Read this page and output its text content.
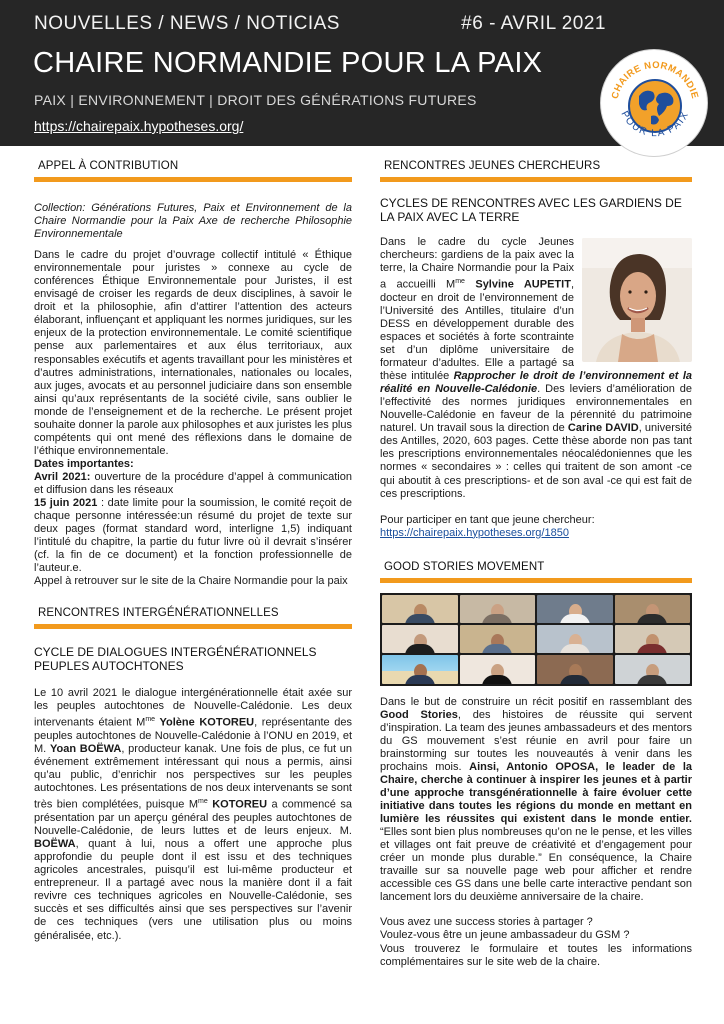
NOUVELLES / NEWS / NOTICIAS	#6 - AVRIL 2021
CHAIRE NORMANDIE POUR LA PAIX
PAIX | ENVIRONNEMENT | DROIT DES GÉNÉRATIONS FUTURES
https://chairepaix.hypotheses.org/
CHAIRE NORMANDIE
POUR LA PAIX
APPEL À CONTRIBUTION

Collection: Générations Futures, Paix et Environnement de la Chaire Normandie pour la Paix Axe de recherche Philosophie Environnementale

Dans le cadre du projet d’ouvrage collectif intitulé « Éthique environnementale pour juristes » connexe au cycle de conférences Éthique Environnementale pour Juristes, il est envisagé de croiser les regards de deux disciplines, à savoir le droit et la philosophie, afin d’attirer l’attention des acteurs élaborant, influençant et appliquant les normes juridiques, sur les enjeux de la protection environnementale. Le comité scientifique pense aux parlementaires et aux élus territoriaux, aux responsables exécutifs et agents travaillant pour les ministères et d’autres administrations, internationales, nationales ou locales, aux juges, avocats et au personnel judiciaire dans son ensemble ainsi qu’aux représentants de la société civile, sans oublier le monde de l’enseignement et de la recherche. Le présent projet souhaite donner la parole aux philosophes et aux juristes les plus compétents qui ont mené des réflexions dans le domaine de l’éthique environnementale.

Dates importantes:

Avril 2021: ouverture de la procédure d’appel à communication et diffusion dans les réseaux

15 juin 2021 : date limite pour la soumission, le comité reçoit de chaque personne intéressée:un résumé du projet de texte sur deux pages (format standard word, interligne 1,5) indiquant l’intitulé du chapitre, la partie du futur livre où il devrait s’insérer (cf. la fin de ce document) et la fonction professionnelle de l’auteur.e.

Appel à retrouver sur le site de la Chaire Normandie pour la paix

RENCONTRES INTERGÉNÉRATIONNELLES
CYCLE DE DIALOGUES INTERGÉNÉRATIONNELS PEUPLES AUTOCHTONES

Le 10 avril 2021 le dialogue intergénérationnelle était axée sur les peuples autochtones de Nouvelle-Calédonie. Les deux intervenants étaient $M^{me}$ Yolène KOTOREU, représentante des peuples autochtones de Nouvelle-Calédonie à l’ONU en 2019, et M. Yoan BOËWA, producteur kanak. Une fois de plus, ce fut un événement extrêmement intéressant qui nous a permis, ainsi qu’au public, d’enrichir nos perspectives sur les peuples autochtones. Les présentations de nos deux intervenants se sont très bien complétées, puisque $M^{me}$ KOTOREU a commencé sa présentation par un aperçu général des peuples autochtones de Nouvelle-Calédonie, de leurs luttes et de leurs enjeux. M. BOËWA, quant à lui, nous a offert une approche plus approfondie du peuple dont il est issu et des techniques agricoles ancestrales, puisqu’il est lui-même producteur et entrepreneur. Il a partagé avec nous la manière dont il a fait revivre ces techniques agricoles en Nouvelle-Calédonie, ses succès et ses difficultés ainsi que ses perspectives sur l’avenir de ces techniques (vers une utilisation plus ou moins généralisée, etc.).

RENCONTRES JEUNES CHERCHEURS
CYCLES DE RENCONTRES AVEC LES GARDIENS DE LA PAIX AVEC LA TERRE

Dans le cadre du cycle Jeunes chercheurs: gardiens de la paix avec la terre, la Chaire Normandie pour la Paix a accueilli $M^{me}$ Sylvine AUPETIT, docteur en droit de l’environnement de l’Université des Antilles, titulaire d’un DESS en développement durable des espaces et sociétés à forte scontrainte set d’un diplôme universitaire de formateur d’adultes. Elle a partagé sa thèse intitulée Rapprocher le droit de l’environnement et la réalité en Nouvelle-Calédonie. Des leviers d’amélioration de l’effectivité des normes juridiques environnementales en Nouvelle-Calédonie en faveur de la pérennité du patrimoine naturel. Un travail sous la direction de Carine DAVID, université des Antilles, 2020, 603 pages. Cette thèse aborde non pas tant les prescriptions environnementales néocalédoniennes que les normes « secondaires » : celles qui traitent de son amont -ce qui aboutit à ces prescriptions- et de son aval -ce qui est fait de ces prescriptions.

Pour participer en tant que jeune chercheur:

https://chairepaix.hypotheses.org/1850

GOOD STORIES MOVEMENT

Dans le but de construire un récit positif en rassemblant des Good Stories, des histoires de réussite qui servent d’inspiration. La team des jeunes ambassadeurs et des mentors du GS mouvement s’est réunie en avril pour faire un brainstorming sur toutes les nouveautés à venir dans les prochains mois. Ainsi, Antonio OPOSA, le leader de la Chaire, cherche à continuer à inspirer les jeunes et à partir d’une approche transgénérationnelle à faire évoluer cette initiative dans toutes les régions du monde en mettant en lumière les réussites qui existent dans le monde entier. “Elles sont bien plus nombreuses qu’on ne le pense, et les villes et villages ont fait preuve de créativité et d’engagement pour créer un monde plus durable.” En conséquence, la Chaire travaille sur sa nouvelle page web pour afficher et rendre accessible ces GS dans une belle carte interactive pendant son lancement lors du deuxième anniversaire de la chaire.

Vous avez une success stories à partager ?

Voulez-vous être un jeune ambassadeur du GSM ?

Vous trouverez le formulaire et toutes les informations complémentaires sur le site web de la chaire.
